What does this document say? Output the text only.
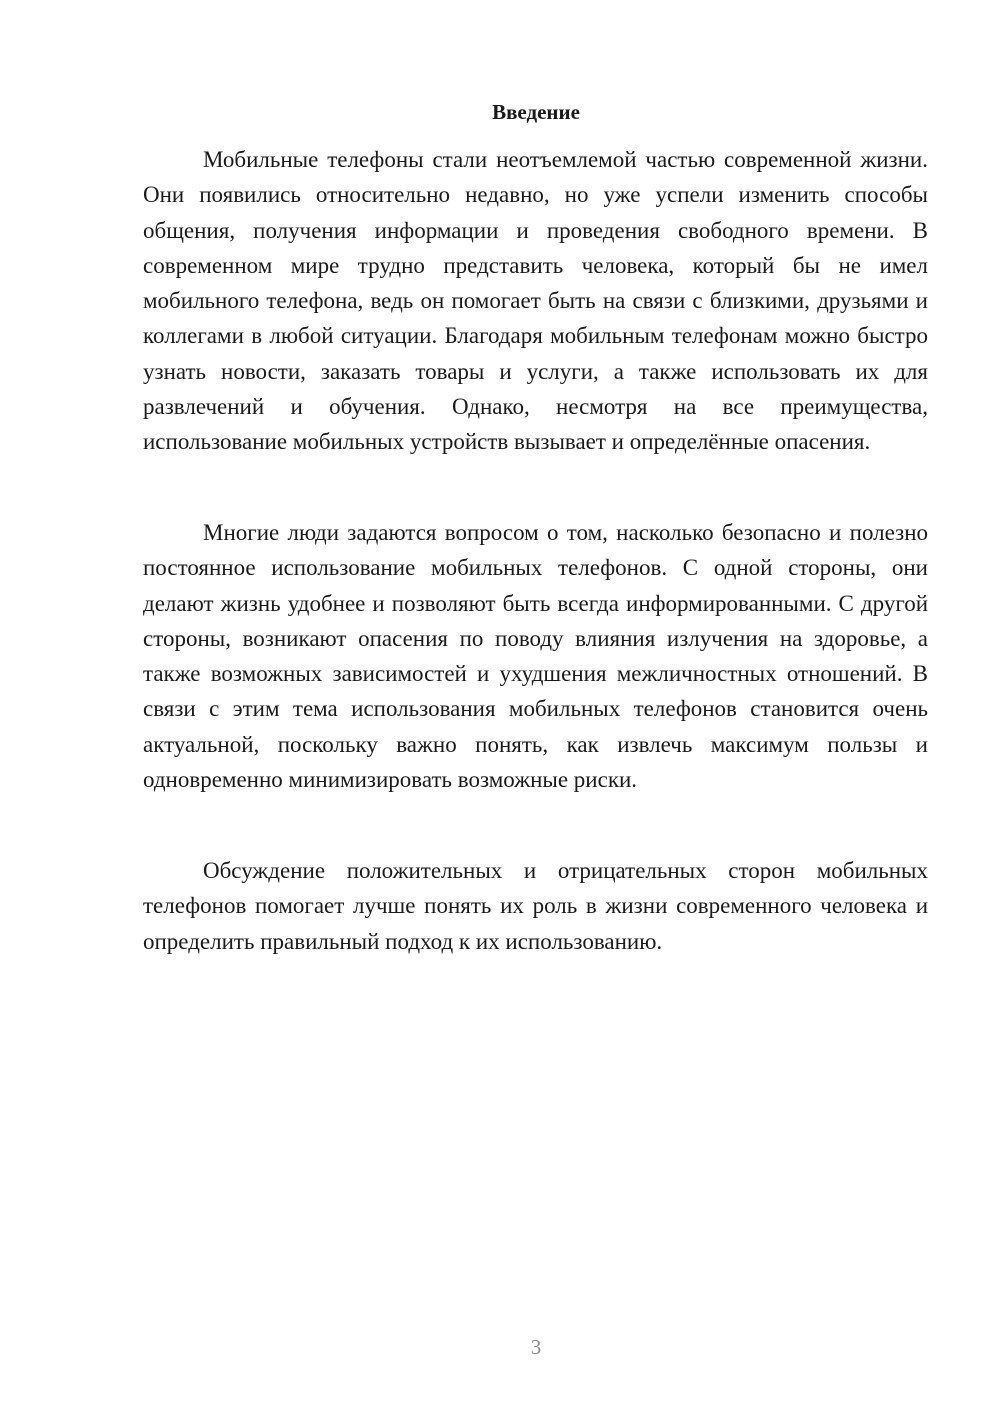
Введение

Мобильные телефоны стали неотъемлемой частью современной жизни. Они появились относительно недавно, но уже успели изменить способы общения, получения информации и проведения свободного времени. В современном мире трудно представить человека, который бы не имел мобильного телефона, ведь он помогает быть на связи с близкими, друзьями и коллегами в любой ситуации. Благодаря мобильным телефонам можно быстро узнать новости, заказать товары и услуги, а также использовать их для развлечений и обучения. Однако, несмотря на все преимущества, использование мобильных устройств вызывает и определённые опасения.

Многие люди задаются вопросом о том, насколько безопасно и полезно постоянное использование мобильных телефонов. С одной стороны, они делают жизнь удобнее и позволяют быть всегда информированными. С другой стороны, возникают опасения по поводу влияния излучения на здоровье, а также возможных зависимостей и ухудшения межличностных отношений. В связи с этим тема использования мобильных телефонов становится очень актуальной, поскольку важно понять, как извлечь максимум пользы и одновременно минимизировать возможные риски.

Обсуждение положительных и отрицательных сторон мобильных телефонов помогает лучше понять их роль в жизни современного человека и определить правильный подход к их использованию.

3
